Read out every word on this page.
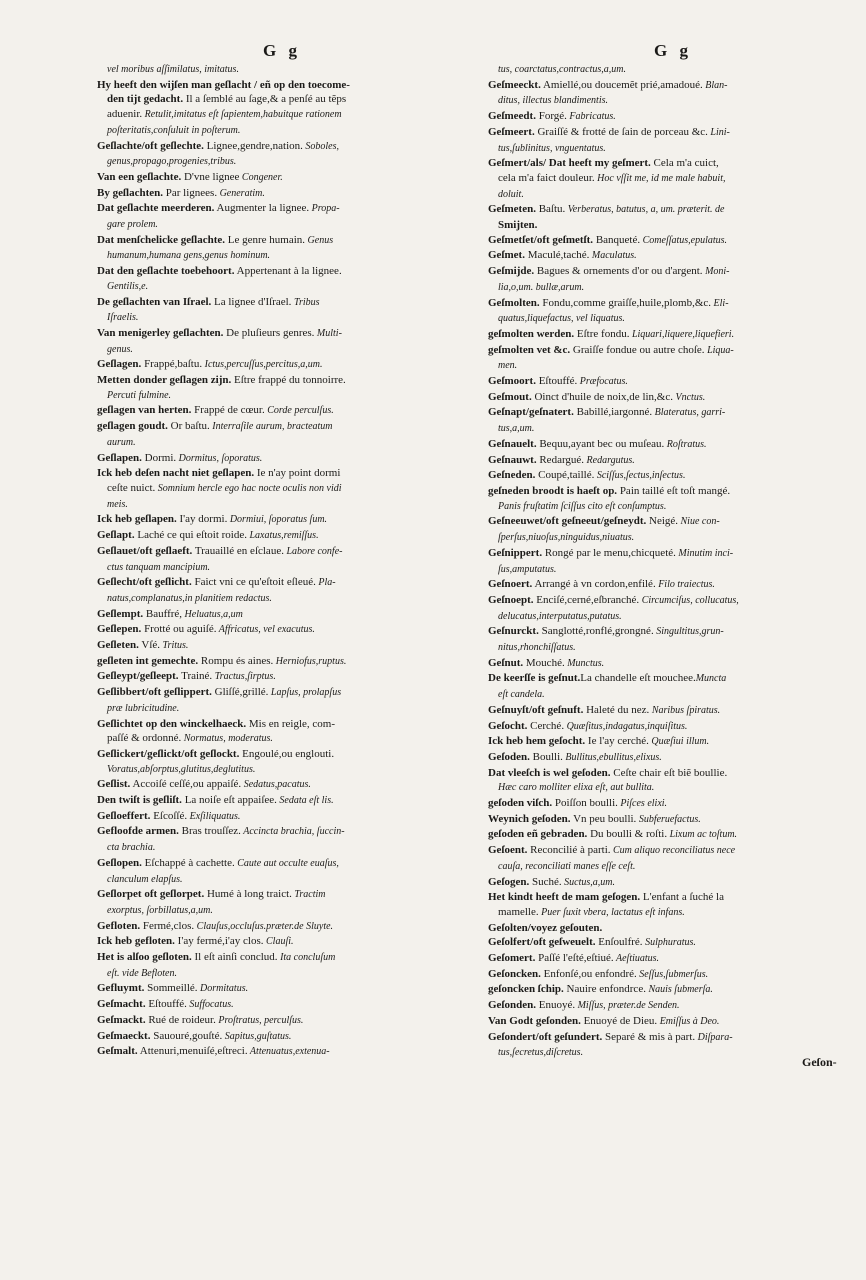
G g
vel moribus aſſimilatus, imitatus.
Hy heeft den wijſen man geſlacht / eñ op den toecome-
den tijt gedacht. Il a ſemblé au ſage,& a penſé au tẽps
aduenir. Retulit,imitatus eſt ſapientem,habuitque rationem
poſteritatis,conſuluit in poſterum.
Geſlachte/oft geſlechte. Lignee,gendre,nation. Soboles,
genus,propago,progenies,tribus.
Van een geſlachte. D'vne lignee Congener.
By geſlachten. Par lignees. Generatim.
Dat geſlachte meerderen. Augmenter la lignee. Propa-
gare prolem.
Dat menſchelicke geſlachte. Le genre humain. Genus
humanum,humana gens,genus hominum.
Dat den geſlachte toebehoort. Appertenant à la lignee.
Gentilis,e.
De geſlachten van Iſrael. La lignee d'Iſrael. Tribus
Iſraelis.
Van menigerley geſlachten. De pluſieurs genres. Multi-
genus.
Geſlagen. Frappé,baſtu. Ictus,percuſſus,percitus,a,um.
Metten donder geſlagen zijn. Eſtre frappé du tonnoirre.
Percuti fulmine.
geſlagen van herten. Frappé de cœur. Corde perculſus.
geſlagen goudt. Or baſtu. Interraſile aurum, bracteatum
aurum.
Geſlapen. Dormi. Dormitus, ſoporatus.
Ick heb deſen nacht niet geſlapen. Ie n'ay point dormi
ceſte nuict. Somnium hercle ego hac nocte oculis non vidi
meis.
Ick heb geſlapen. I'ay dormi. Dormiui, ſoporatus ſum.
Geſlapt. Laché ce qui eſtoit roide. Laxatus,remiſſus.
Geſlauet/oft geſlaeft. Trauaillé en eſclaue. Labore confe-
ctus tanquam mancipium.
Geſlecht/oft geſlicht. Faict vni ce qu'eſtoit eſleué. Pla-
natus,complanatus,in planitiem redactus.
Geſlempt. Bauffré, Heluatus,a,um
Geſlepen. Frotté ou aguiſé. Affricatus, vel exacutus.
Geſleten. Vſé. Tritus.
geſleten int gemechte. Rompu és aines. Herniofus,ruptus.
Geſleypt/geſleept. Trainé. Tractus,ſirptus.
Geſlibbert/oft geſlippert. Gliſſé,grillé. Lapſus, prolapſus
præ lubricitudine.
Geſlichtet op den winckelhaeck. Mis en reigle, com-
paſſé & ordonné. Normatus, moderatus.
Geſlickert/geſlickt/oft geſlockt. Engoulé,ou englouti.
Voratus,abſorptus,glutitus,deglutitus.
Geſlist. Accoiſé ceſſé,ou appaiſé. Sedatus,pacatus.
Den twiſt is geſliſt. La noiſe eſt appaiſee. Sedata eſt lis.
Geſloeffert. Eſcoſſé. Exſiliquatus.
Gefloofde armen. Bras trouſſez. Accincta brachia, ſuccin-
cta brachia.
Geſlopen. Eſchappé à cachette. Caute aut occulte euaſus,
clanculum elapſus.
Geſlorpet oft geſlorpet. Humé à long traict. Tractim
exorptus, ſorbillatus,a,um.
Gefloten. Fermé,clos. Clauſus,occluſus.præter.de Sluyte.
Ick heb gefloten. I'ay fermé,i'ay clos. Clauſi.
Het is alſoo geſloten. Il eſt ainſi conclud. Ita concluſum
eſt. vide Befloten.
Gefluymt. Sommeillé. Dormitatus.
Geſmacht. Eſtouffé. Suffocatus.
Geſmackt. Rué de roideur. Proſtratus, perculſus.
Geſmaeckt. Sauouré,gouſté. Sapitus,guſtatus.
Geſmalt. Attenuri,menuiſé,eſtreci. Attenuatus,extenua-
G g
tus, coarctatus,contractus,a,um.
Geſmeeckt. Amiellé,ou doucemẽt prié,amadoué. Blan-
ditus, illectus blandimentis.
Geſmeedt. Forgé. Fabricatus.
Geſmeert. Graiſſé & frotté de ſain de porceau &c. Lini-
tus,ſublinitus, vnguentatus.
Geſmert/als/ Dat heeft my geſmert. Cela m'a cuict,
cela m'a faict douleur. Hoc vſſit me, id me male habuit,
doluit.
Geſmeten. Baſtu. Verberatus, batutus, a, um. præterit. de
Smijten.
Geſmetſet/oft geſmetſt. Banqueté. Comeſſatus,epulatus.
Geſmet. Maculé,taché. Maculatus.
Geſmijde. Bagues & ornements d'or ou d'argent. Moni-
lia,o,um. bullæ,arum.
Geſmolten. Fondu,comme graiſſe,huile,plomb,&c. Eli-
quatus,liquefactus, vel liquatus.
geſmolten werden. Eſtre fondu. Liquari,liquere,liquefieri.
geſmolten vet &c. Graiſſe fondue ou autre choſe. Liqua-
men.
Geſmoort. Eſtouffé. Præfocatus.
Geſmout. Oinct d'huile de noix,de lin,&c. Vnctus.
Geſnapt/geſnatert. Babillé,iargonné. Blateratus, garri-
tus,a,um.
Geſnauelt. Bequu,ayant bec ou muſeau. Roſtratus.
Geſnauwt. Redargué. Redargutus.
Geſneden. Coupé,taillé. Sciſſus,ſectus,inſectus.
geſneden broodt is haeſt op. Pain taillé eſt toſt mangé.
Panis fruſtatim ſciſſus cito eſt conſumptus.
Geſneeuwet/oft geſneeut/geſneydt. Neigé. Niue con-
ſperſus,niuoſus,ninguidus,niuatus.
Geſnippert. Rongé par le menu,chicqueté. Minutim inci-
ſus,amputatus.
Geſnoert. Arrangé à vn cordon,enfilé. Filo traiectus.
Geſnoept. Enciſé,cerné,eſbranché. Circumciſus, collucatus,
delucatus,interputatus,putatus.
Geſnurckt. Sanglotté,ronflé,grongné. Singultitus,grun-
nitus,rhonchiſſatus.
Geſnut. Mouché. Munctus.
De keerſſe is geſnut.La chandelle eſt mouchee.Muncta
eſt candela.
Geſnuyſt/oft geſnuft. Haleté du nez. Naribus ſpiratus.
Geſocht. Cerché. Quæſitus,indagatus,inquiſitus.
Ick heb hem geſocht. Ie l'ay cerché. Quæſiui illum.
Geſoden. Boulli. Bullitus,ebullitus,elixus.
Dat vleeſch is wel geſoden. Ceſte chair eſt biẽ boullie.
Hæc caro molliter elixa eſt, aut bullita.
geſoden viſch. Poiſſon boulli. Piſces elixi.
Weynich geſoden. Vn peu boulli. Subferuefactus.
geſoden eñ gebraden. Du boulli & roſti. Lixum ac toſtum.
Geſoent. Reconcilié à parti. Cum aliquo reconciliatus nece
cauſa, reconciliati manes eſſe ceſt.
Geſogen. Suché. Suctus,a,um.
Het kindt heeft de mam geſogen. L'enfant a ſuché la
mamelle. Puer ſuxit vbera, lactatus eſt infans.
Geſolten/voyez geſouten.
Geſolfert/oft geſweuelt. Enſoulfré. Sulphuratus.
Geſomert. Paſſé l'eſté,eſtiué. Aeſtiuatus.
Geſoncken. Enfonſé,ou enfondré. Seſſus,ſubmerſus.
geſoncken ſchip. Nauire enfondrce. Nauis ſubmerſa.
Geſonden. Enuoyé. Miſſus, præter.de Senden.
Van Godt geſonden. Enuoyé de Dieu. Emiſſus à Deo.
Geſondert/oft geſundert. Separé & mis à part. Diſpara-
tus,ſecretus,diſcretus.
Geſon-
